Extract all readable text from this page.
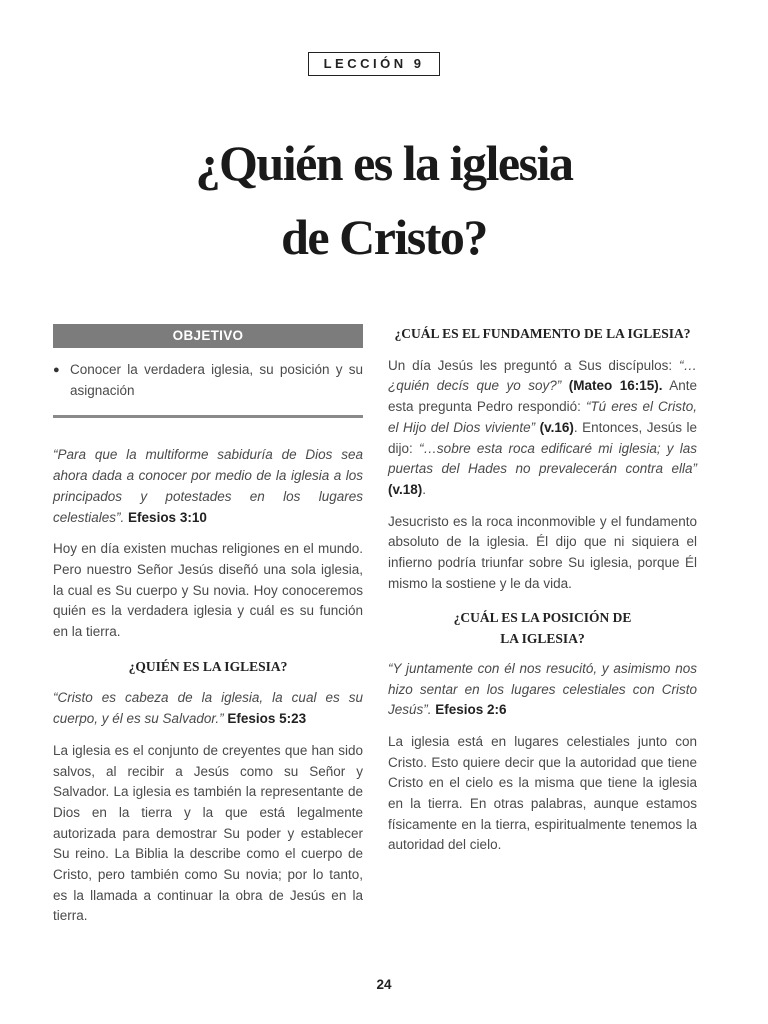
LECCIÓN 9
¿Quién es la iglesia
de Cristo?
OBJETIVO
● Conocer la verdadera iglesia, su posición y su asignación

“Para que la multiforme sabiduría de Dios sea ahora dada a conocer por medio de la iglesia a los principados y potestades en los lugares celestiales”. Efesios 3:10

Hoy en día existen muchas religiones en el mundo. Pero nuestro Señor Jesús diseñó una sola iglesia, la cual es Su cuerpo y Su novia. Hoy conoceremos quién es la verdadera iglesia y cuál es su función en la tierra.

¿QUIÉN ES LA IGLESIA?

“Cristo es cabeza de la iglesia, la cual es su cuerpo, y él es su Salvador.” Efesios 5:23

La iglesia es el conjunto de creyentes que han sido salvos, al recibir a Jesús como su Señor y Salvador. La iglesia es también la representante de Dios en la tierra y la que está legalmente autorizada para demostrar Su poder y establecer Su reino. La Biblia la describe como el cuerpo de Cristo, pero también como Su novia; por lo tanto, es la llamada a continuar la obra de Jesús en la tierra.

¿CUÁL ES EL FUNDAMENTO DE LA IGLESIA?

Un día Jesús les preguntó a Sus discípulos: “…¿quién decís que yo soy?” (Mateo 16:15). Ante esta pregunta Pedro respondió: “Tú eres el Cristo, el Hijo del Dios viviente” (v.16). Entonces, Jesús le dijo: “…sobre esta roca edificaré mi iglesia; y las puertas del Hades no prevalecerán contra ella” (v.18).

Jesucristo es la roca inconmovible y el fundamento absoluto de la iglesia. Él dijo que ni siquiera el infierno podría triunfar sobre Su iglesia, porque Él mismo la sostiene y le da vida.

¿CUÁL ES LA POSICIÓN DE
LA IGLESIA?

“Y juntamente con él nos resucitó, y asimismo nos hizo sentar en los lugares celestiales con Cristo Jesús”. Efesios 2:6

La iglesia está en lugares celestiales junto con Cristo. Esto quiere decir que la autoridad que tiene Cristo en el cielo es la misma que tiene la iglesia en la tierra. En otras palabras, aunque estamos físicamente en la tierra, espiritualmente tenemos la autoridad del cielo.

24
